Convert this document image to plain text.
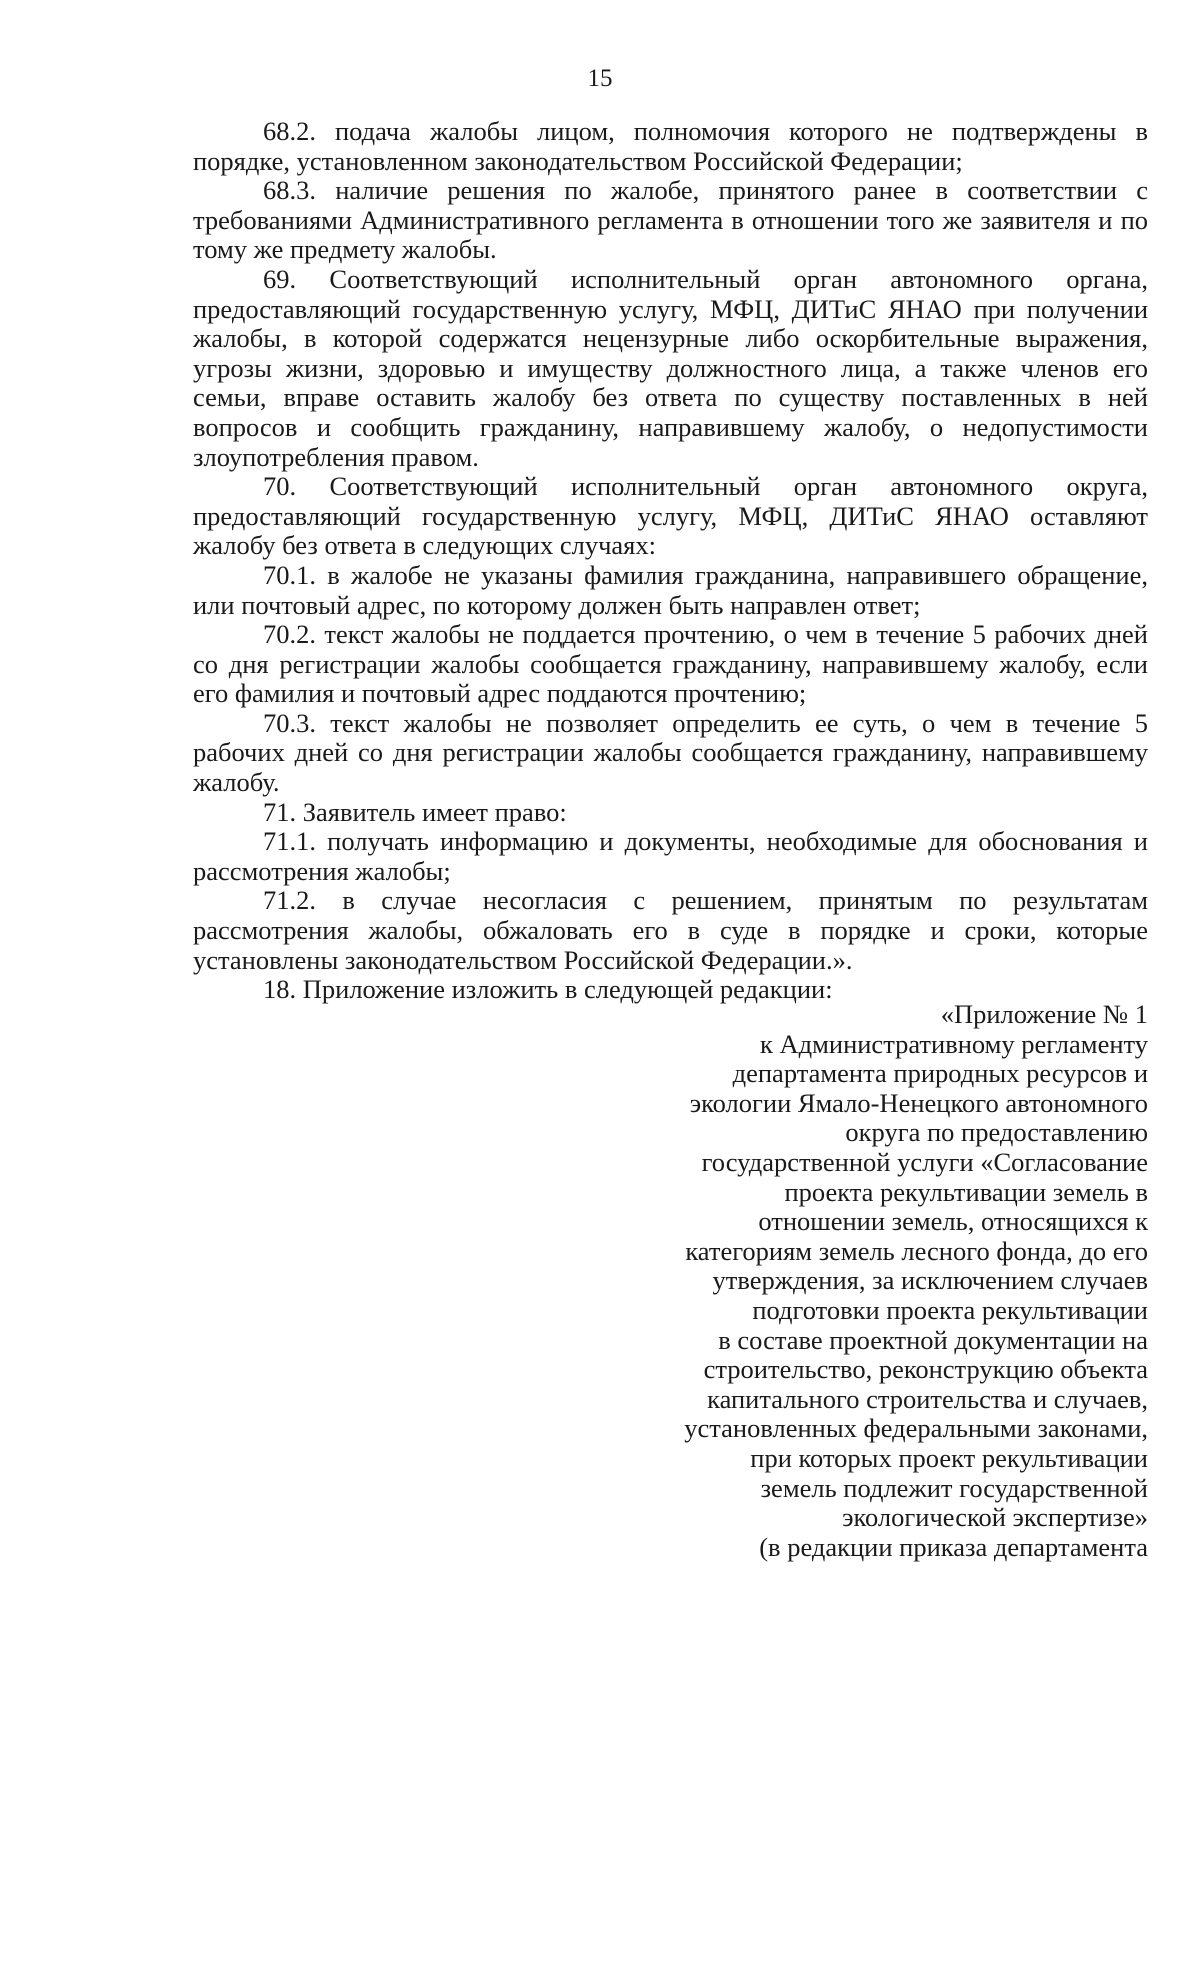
15

68.2. подача жалобы лицом, полномочия которого не подтверждены в порядке, установленном законодательством Российской Федерации;

68.3. наличие решения по жалобе, принятого ранее в соответствии с требованиями Административного регламента в отношении того же заявителя и по тому же предмету жалобы.

69. Соответствующий исполнительный орган автономного органа, предоставляющий государственную услугу, МФЦ, ДИТиС ЯНАО при получении жалобы, в которой содержатся нецензурные либо оскорбительные выражения, угрозы жизни, здоровью и имуществу должностного лица, а также членов его семьи, вправе оставить жалобу без ответа по существу поставленных в ней вопросов и сообщить гражданину, направившему жалобу, о недопустимости злоупотребления правом.

70. Соответствующий исполнительный орган автономного округа, предоставляющий государственную услугу, МФЦ, ДИТиС ЯНАО оставляют жалобу без ответа в следующих случаях:

70.1. в жалобе не указаны фамилия гражданина, направившего обращение, или почтовый адрес, по которому должен быть направлен ответ;

70.2. текст жалобы не поддается прочтению, о чем в течение 5 рабочих дней со дня регистрации жалобы сообщается гражданину, направившему жалобу, если его фамилия и почтовый адрес поддаются прочтению;

70.3. текст жалобы не позволяет определить ее суть, о чем в течение 5 рабочих дней со дня регистрации жалобы сообщается гражданину, направившему жалобу.

71. Заявитель имеет право:

71.1. получать информацию и документы, необходимые для обоснования и рассмотрения жалобы;

71.2. в случае несогласия с решением, принятым по результатам рассмотрения жалобы, обжаловать его в суде в порядке и сроки, которые установлены законодательством Российской Федерации.».

18. Приложение изложить в следующей редакции:

«Приложение № 1
к Административному регламенту
департамента природных ресурсов и
экологии Ямало-Ненецкого автономного
округа по предоставлению
государственной услуги «Согласование
проекта рекультивации земель в
отношении земель, относящихся к
категориям земель лесного фонда, до его
утверждения, за исключением случаев
подготовки проекта рекультивации
в составе проектной документации на
строительство, реконструкцию объекта
капитального строительства и случаев,
установленных федеральными законами,
при которых проект рекультивации
земель подлежит государственной
экологической экспертизе»
(в редакции приказа департамента
